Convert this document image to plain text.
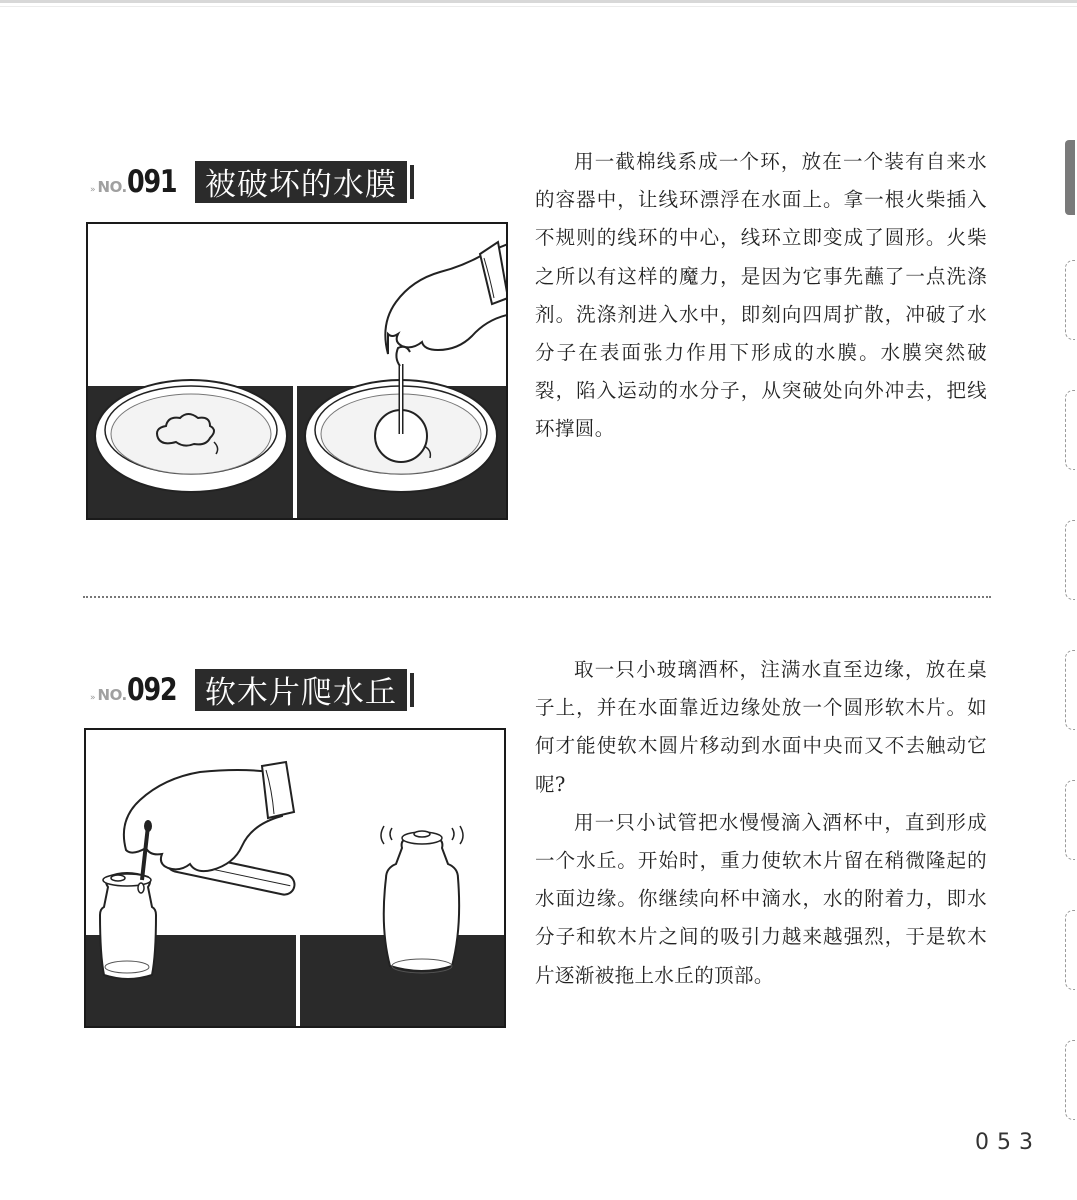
» NO. 091 被破坏的水膜

用一截棉线系成一个环，放在一个装有自来水的容器中，让线环漂浮在水面上。拿一根火柴插入不规则的线环的中心，线环立即变成了圆形。火柴之所以有这样的魔力，是因为它事先蘸了一点洗涤剂。洗涤剂进入水中，即刻向四周扩散，冲破了水分子在表面张力作用下形成的水膜。水膜突然破裂，陷入运动的水分子，从突破处向外冲去，把线环撑圆。

» NO. 092 软木片爬水丘

取一只小玻璃酒杯，注满水直至边缘，放在桌子上，并在水面靠近边缘处放一个圆形软木片。如何才能使软木圆片移动到水面中央而又不去触动它呢?

用一只小试管把水慢慢滴入酒杯中，直到形成一个水丘。开始时，重力使软木片留在稍微隆起的水面边缘。你继续向杯中滴水，水的附着力，即水分子和软木片之间的吸引力越来越强烈，于是软木片逐渐被拖上水丘的顶部。

053
